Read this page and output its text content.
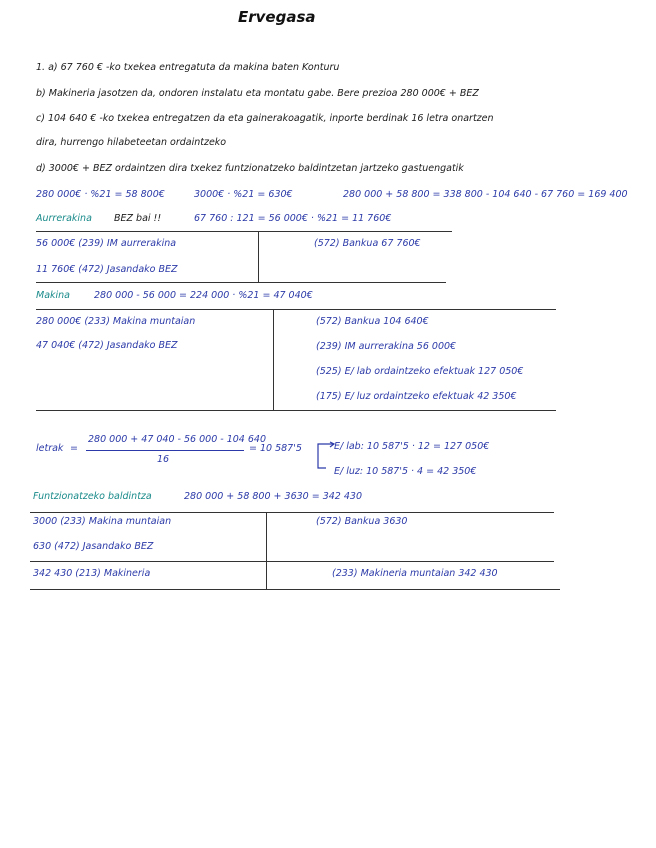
Ervegasa
1. a) 67 760 € -ko txekea entregatuta da makina baten Konturu
b) Makineria jasotzen da, ondoren instalatu eta montatu gabe. Bere prezioa 280 000€ + BEZ
c) 104 640 € -ko txekea entregatzen da eta gainerakoagatik, inporte berdinak 16 letra onartzen
dira, hurrengo hilabeteetan ordaintzeko
d) 3000€ + BEZ ordaintzen dira txekez funtzionatzeko baldintzetan jartzeko gastuengatik
280 000€ · %21 = 58 800€	3000€ · %21 = 630€	280 000 + 58 800 = 338 800 - 104 640 - 67 760 = 169 400
Aurrerakina BEZ bai !!	67 760 : 121 = 56 000€ · %21 = 11 760€
56 000€ (239) IM aurrerakina
11 760€ (472) Jasandako BEZ
(572) Bankua 67 760€
Makina	280 000 - 56 000 = 224 000 · %21 = 47 040€
280 000€ (233) Makina muntaian
47 040€ (472) Jasandako BEZ
(572) Bankua 104 640€
(239) IM aurrerakina 56 000€
(525) E/ lab ordaintzeko efektuak 127 050€
(175) E/ luz ordaintzeko efektuak 42 350€
letrak =
280 000 + 47 040 - 56 000 - 104 640
16
= 10 587'5	E/ lab: 10 587'5 · 12 = 127 050€
E/ luz: 10 587'5 · 4 = 42 350€
Funtzionatzeko baldintza	280 000 + 58 800 + 3630 = 342 430
3000 (233) Makina muntaian
630 (472) Jasandako BEZ
(572) Bankua 3630
342 430 (213) Makineria	(233) Makineria muntaian 342 430
